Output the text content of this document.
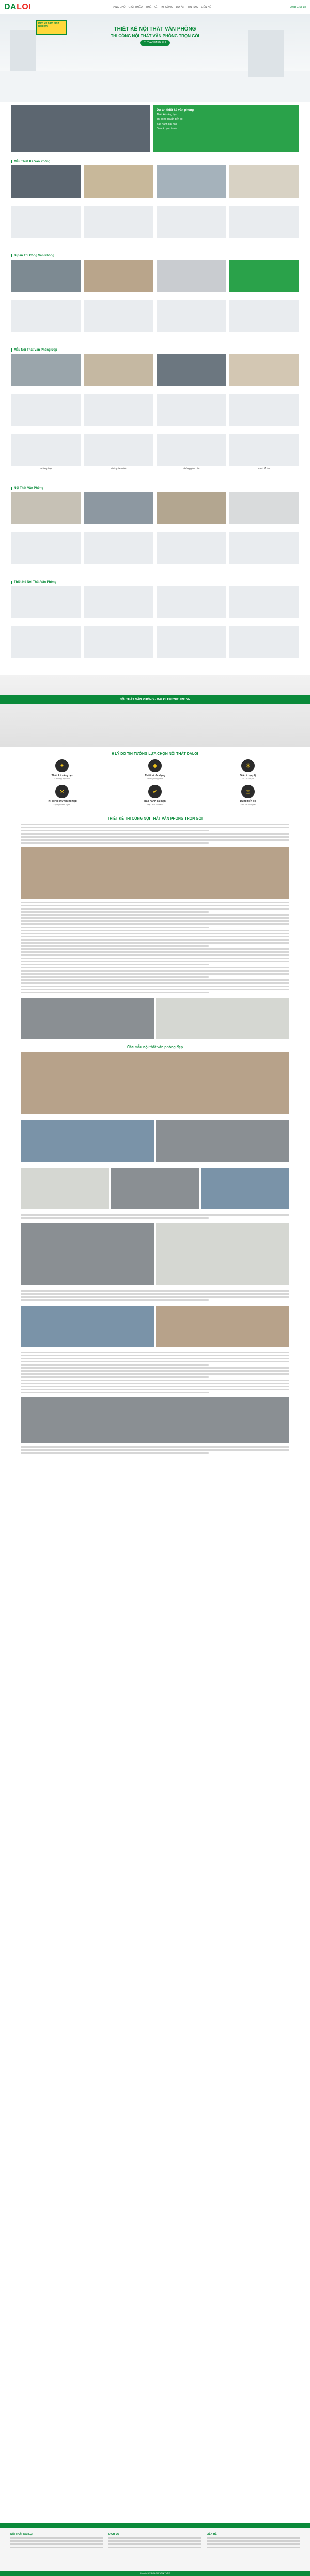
DALOI	TRANG CHỦ GIỚI THIỆU THIẾT KẾ THI CÔNG DỰ ÁN TIN TỨC LIÊN HỆ	0978 0168 18
Hơn 10 năm kinh nghiệm	THIẾT KẾ NỘI THẤT VĂN PHÒNG
THI CÔNG NỘI THẤT VĂN PHÒNG TRỌN GÓI
TƯ VẤN MIỄN PHÍ
Dự án thiết kế văn phòng
Thiết kế sáng tạo
Thi công chuẩn tiến độ
Bảo hành dài hạn
Giá cả cạnh tranh
Mẫu Thiết Kế Văn Phòng
Dự án Thi Công Văn Phòng
Mẫu Nội Thất Văn Phòng Đẹp
Phòng họp	Phòng làm việc	Phòng giám đốc	Sảnh lễ tân
Nội Thất Văn Phòng
Thiết Kế Nội Thất Văn Phòng
NỘI THẤT VĂN PHÒNG - DALOI FURNITURE.VN
6 LÝ DO TIN TƯỞNG LỰA CHỌN NỘI THẤT DALOI
✦
Thiết kế sáng tạo
Ý tưởng độc đáo
◆
Thiết kế đa dạng
Nhiều phong cách
$
Giá cả hợp lý
Tối ưu chi phí
⚒
Thi công chuyên nghiệp
Đội ngũ lành nghề
✔
Bảo hành dài hạn
Hậu mãi tận tâm
◷
Đúng tiến độ
Cam kết bàn giao
THIẾT KẾ THI CÔNG NỘI THẤT VĂN PHÒNG TRỌN GÓI
Các mẫu nội thất văn phòng đẹp
NỘI THẤT ĐẠI LỢI	DỊCH VỤ	LIÊN HỆ
Copyright © DALOI FURNITURE
